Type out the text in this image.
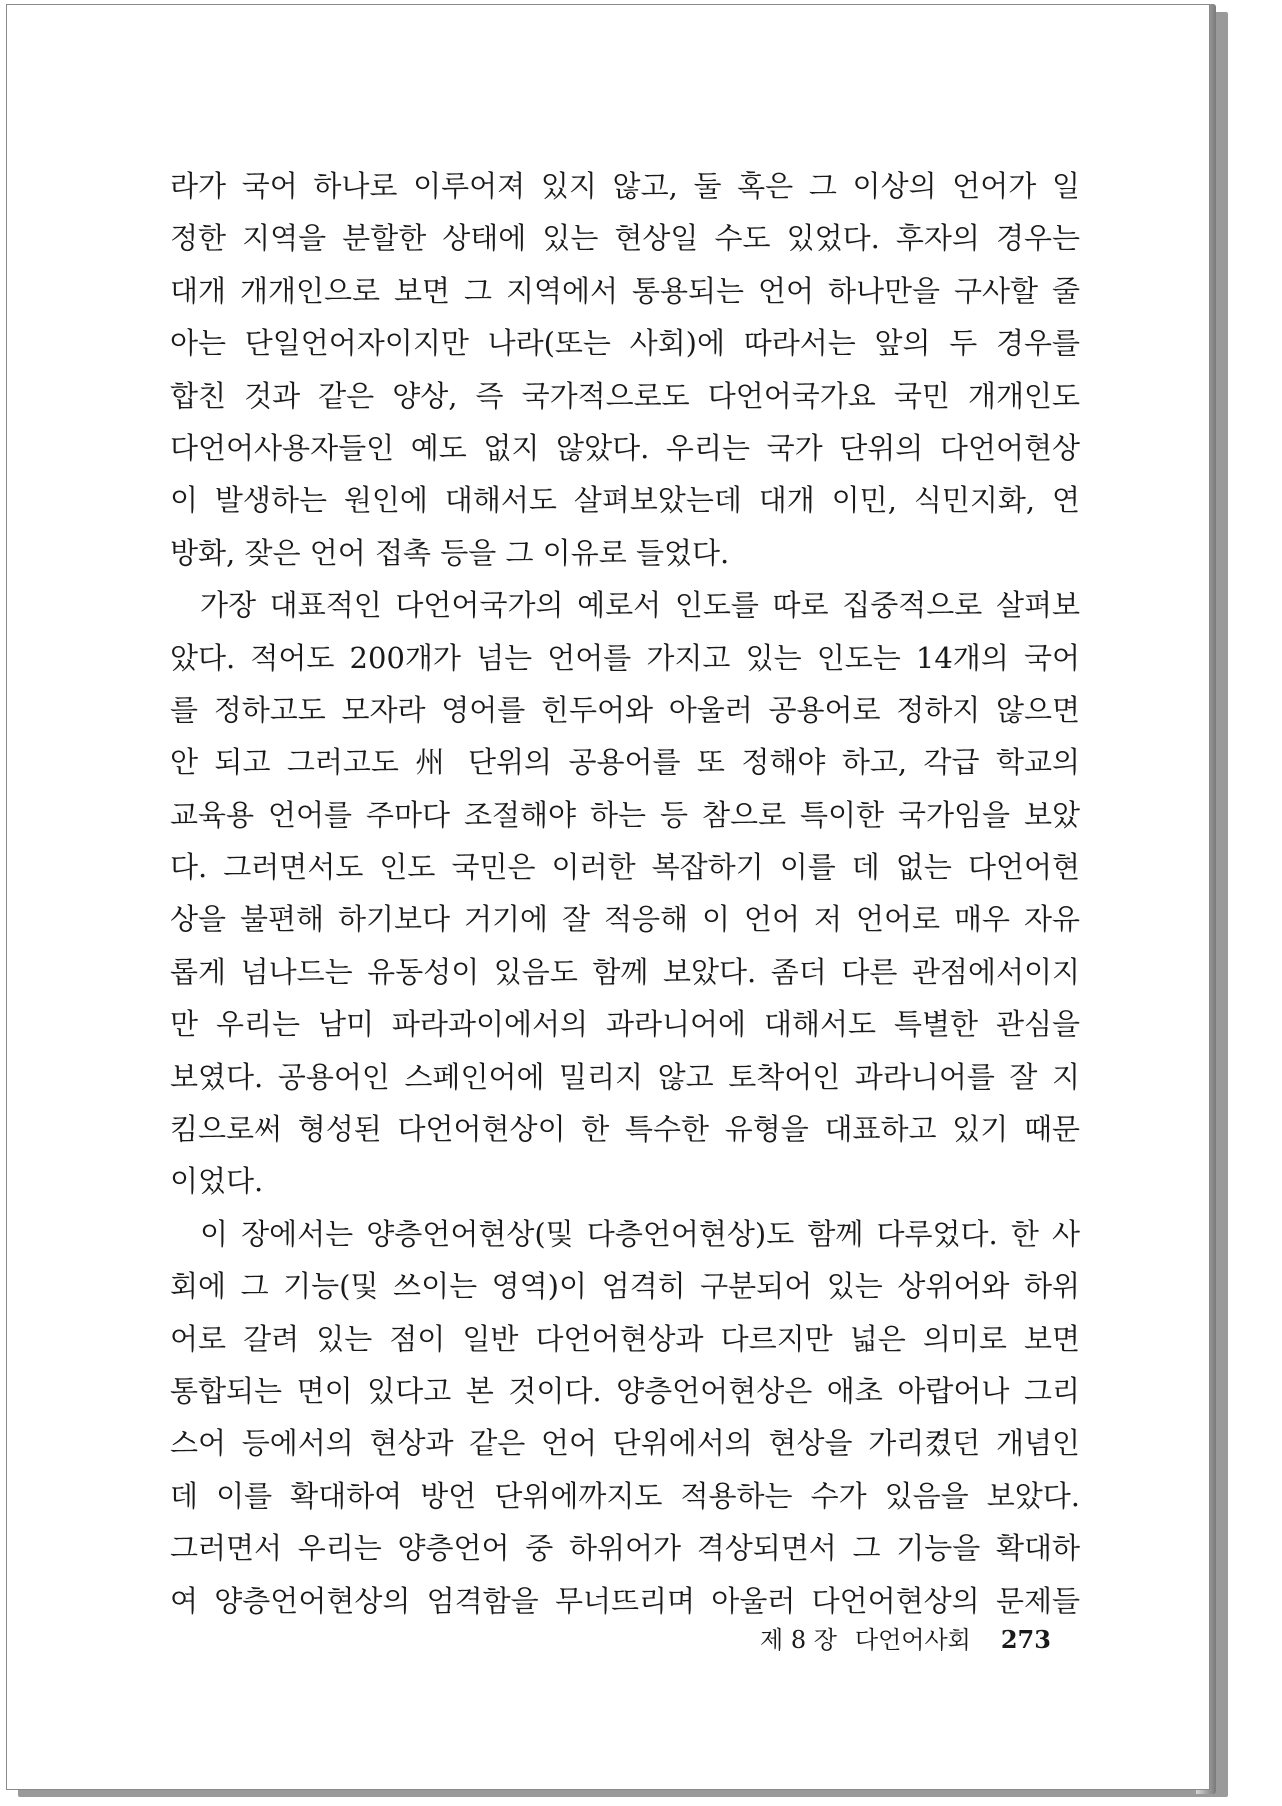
라가 국어 하나로 이루어져 있지 않고, 둘 혹은 그 이상의 언어가 일
정한 지역을 분할한 상태에 있는 현상일 수도 있었다. 후자의 경우는
대개 개개인으로 보면 그 지역에서 통용되는 언어 하나만을 구사할 줄
아는 단일언어자이지만 나라(또는 사회)에 따라서는 앞의 두 경우를
합친 것과 같은 양상, 즉 국가적으로도 다언어국가요 국민 개개인도
다언어사용자들인 예도 없지 않았다. 우리는 국가 단위의 다언어현상
이 발생하는 원인에 대해서도 살펴보았는데 대개 이민, 식민지화, 연
방화, 잦은 언어 접촉 등을 그 이유로 들었다.
가장 대표적인 다언어국가의 예로서 인도를 따로 집중적으로 살펴보
았다. 적어도 200개가 넘는 언어를 가지고 있는 인도는 14개의 국어
를 정하고도 모자라 영어를 힌두어와 아울러 공용어로 정하지 않으면
안 되고 그러고도 州 단위의 공용어를 또 정해야 하고, 각급 학교의
교육용 언어를 주마다 조절해야 하는 등 참으로 특이한 국가임을 보았
다. 그러면서도 인도 국민은 이러한 복잡하기 이를 데 없는 다언어현
상을 불편해 하기보다 거기에 잘 적응해 이 언어 저 언어로 매우 자유
롭게 넘나드는 유동성이 있음도 함께 보았다. 좀더 다른 관점에서이지
만 우리는 남미 파라과이에서의 과라니어에 대해서도 특별한 관심을
보였다. 공용어인 스페인어에 밀리지 않고 토착어인 과라니어를 잘 지
킴으로써 형성된 다언어현상이 한 특수한 유형을 대표하고 있기 때문
이었다.
이 장에서는 양층언어현상(및 다층언어현상)도 함께 다루었다. 한 사
회에 그 기능(및 쓰이는 영역)이 엄격히 구분되어 있는 상위어와 하위
어로 갈려 있는 점이 일반 다언어현상과 다르지만 넓은 의미로 보면
통합되는 면이 있다고 본 것이다. 양층언어현상은 애초 아랍어나 그리
스어 등에서의 현상과 같은 언어 단위에서의 현상을 가리켰던 개념인
데 이를 확대하여 방언 단위에까지도 적용하는 수가 있음을 보았다.
그러면서 우리는 양층언어 중 하위어가 격상되면서 그 기능을 확대하
여 양층언어현상의 엄격함을 무너뜨리며 아울러 다언어현상의 문제들
제 8 장 다언어사회 273
